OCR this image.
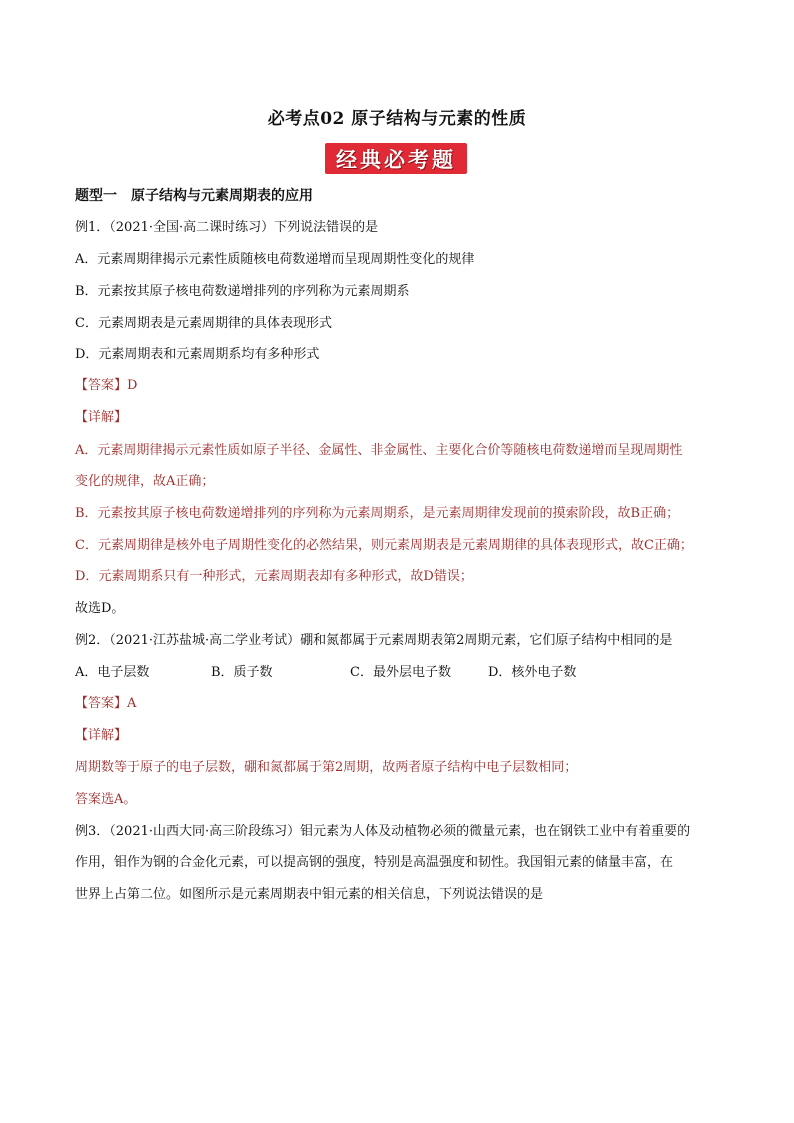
必考点02 原子结构与元素的性质
经典必考题
题型一　原子结构与元素周期表的应用
例1．（2021·全国·高二课时练习）下列说法错误的是
A．元素周期律揭示元素性质随核电荷数递增而呈现周期性变化的规律
B．元素按其原子核电荷数递增排列的序列称为元素周期系
C．元素周期表是元素周期律的具体表现形式
D．元素周期表和元素周期系均有多种形式
【答案】D
【详解】
A．元素周期律揭示元素性质如原子半径、金属性、非金属性、主要化合价等随核电荷数递增而呈现周期性
变化的规律，故A正确；
B．元素按其原子核电荷数递增排列的序列称为元素周期系，是元素周期律发现前的摸索阶段，故B正确；
C．元素周期律是核外电子周期性变化的必然结果，则元素周期表是元素周期律的具体表现形式，故C正确；
D．元素周期系只有一种形式，元素周期表却有多种形式，故D错误；
故选D。
例2．（2021·江苏盐城·高二学业考试）硼和氮都属于元素周期表第2周期元素，它们原子结构中相同的是
A．电子层数	B．质子数	C．最外层电子数	D．核外电子数
【答案】A
【详解】
周期数等于原子的电子层数，硼和氮都属于第2周期，故两者原子结构中电子层数相同；
答案选A。
例3．（2021·山西大同·高三阶段练习）钼元素为人体及动植物必须的微量元素，也在钢铁工业中有着重要的
作用，钼作为钢的合金化元素，可以提高钢的强度，特别是高温强度和韧性。我国钼元素的储量丰富，在
世界上占第二位。如图所示是元素周期表中钼元素的相关信息，下列说法错误的是
